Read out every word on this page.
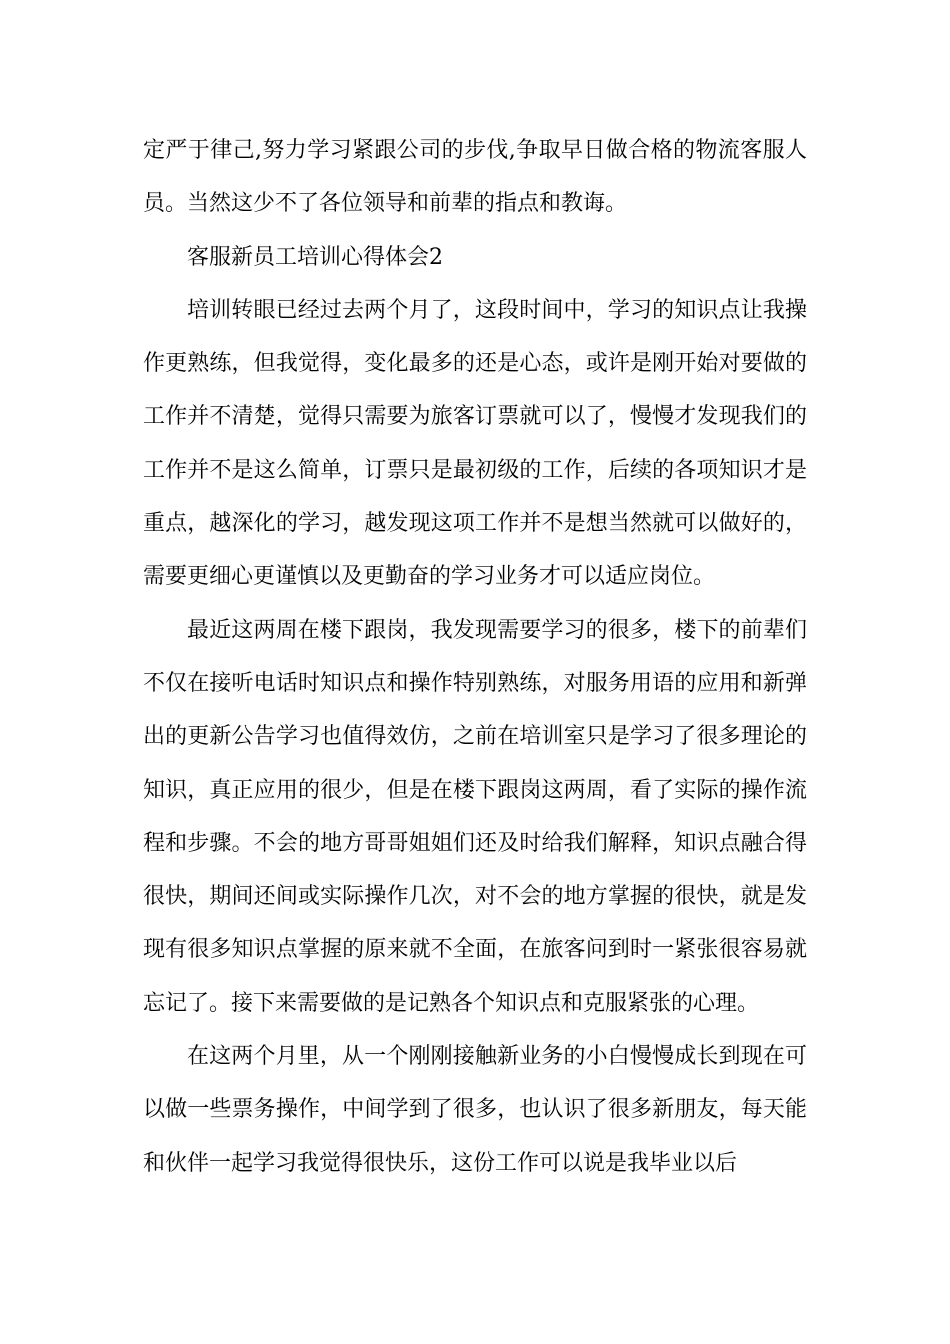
定严于律己,努力学习紧跟公司的步伐,争取早日做合格的物流客服人员。当然这少不了各位领导和前辈的指点和教诲。

客服新员工培训心得体会2

培训转眼已经过去两个月了，这段时间中，学习的知识点让我操作更熟练，但我觉得，变化最多的还是心态，或许是刚开始对要做的工作并不清楚，觉得只需要为旅客订票就可以了，慢慢才发现我们的工作并不是这么简单，订票只是最初级的工作，后续的各项知识才是重点，越深化的学习，越发现这项工作并不是想当然就可以做好的，需要更细心更谨慎以及更勤奋的学习业务才可以适应岗位。

最近这两周在楼下跟岗，我发现需要学习的很多，楼下的前辈们不仅在接听电话时知识点和操作特别熟练，对服务用语的应用和新弹出的更新公告学习也值得效仿，之前在培训室只是学习了很多理论的知识，真正应用的很少，但是在楼下跟岗这两周，看了实际的操作流程和步骤。不会的地方哥哥姐姐们还及时给我们解释，知识点融合得很快，期间还间或实际操作几次，对不会的地方掌握的很快，就是发现有很多知识点掌握的原来就不全面，在旅客问到时一紧张很容易就忘记了。接下来需要做的是记熟各个知识点和克服紧张的心理。

在这两个月里，从一个刚刚接触新业务的小白慢慢成长到现在可以做一些票务操作，中间学到了很多，也认识了很多新朋友，每天能和伙伴一起学习我觉得很快乐，这份工作可以说是我毕业以后
